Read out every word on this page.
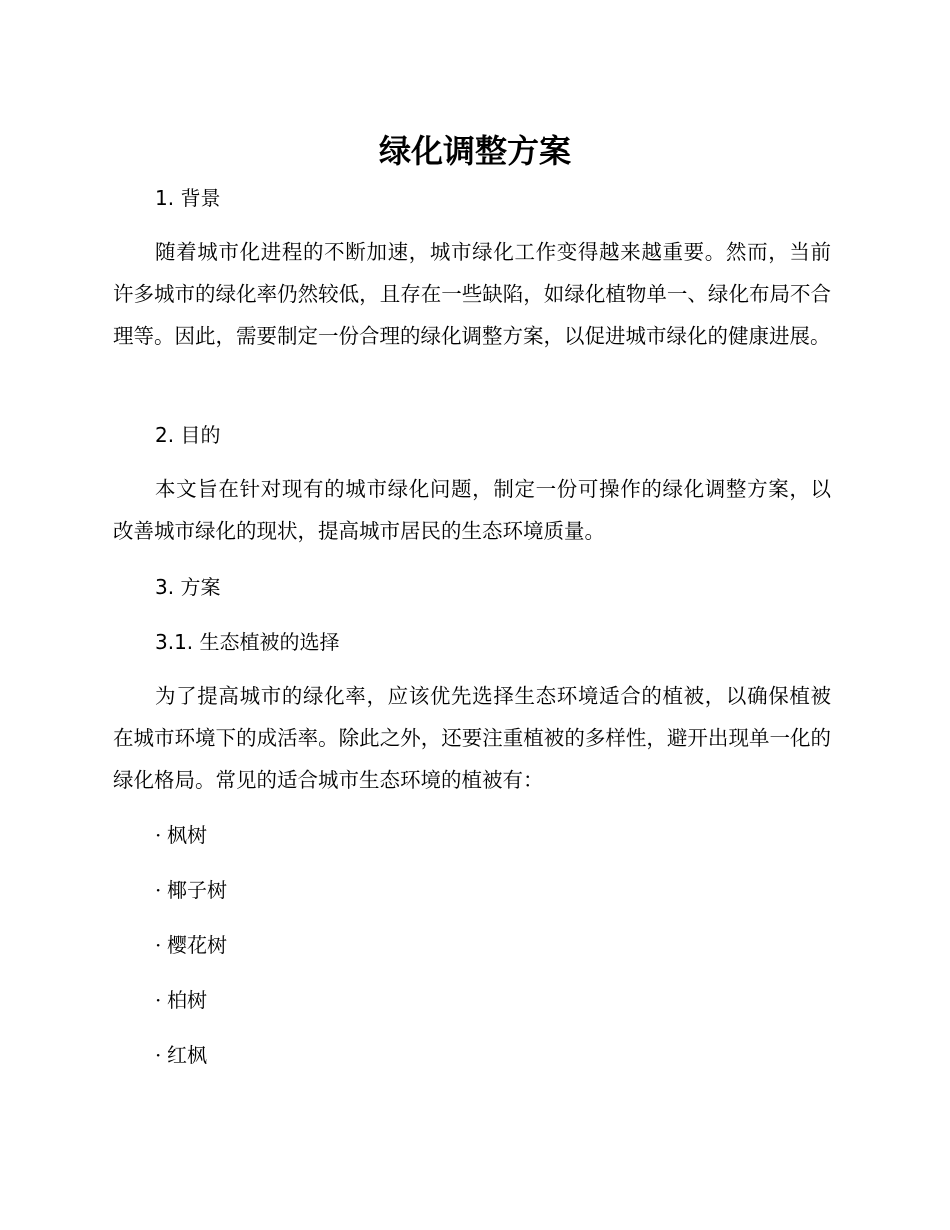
绿化调整方案
1. 背景

随着城市化进程的不断加速，城市绿化工作变得越来越重要。然而，当前许多城市的绿化率仍然较低，且存在一些缺陷，如绿化植物单一、绿化布局不合理等。因此，需要制定一份合理的绿化调整方案，以促进城市绿化的健康进展。

2. 目的

本文旨在针对现有的城市绿化问题，制定一份可操作的绿化调整方案，以改善城市绿化的现状，提高城市居民的生态环境质量。

3. 方案
3.1. 生态植被的选择

为了提高城市的绿化率，应该优先选择生态环境适合的植被，以确保植被在城市环境下的成活率。除此之外，还要注重植被的多样性，避开出现单一化的绿化格局。常见的适合城市生态环境的植被有：

· 枫树
· 椰子树
· 樱花树
· 柏树
· 红枫
